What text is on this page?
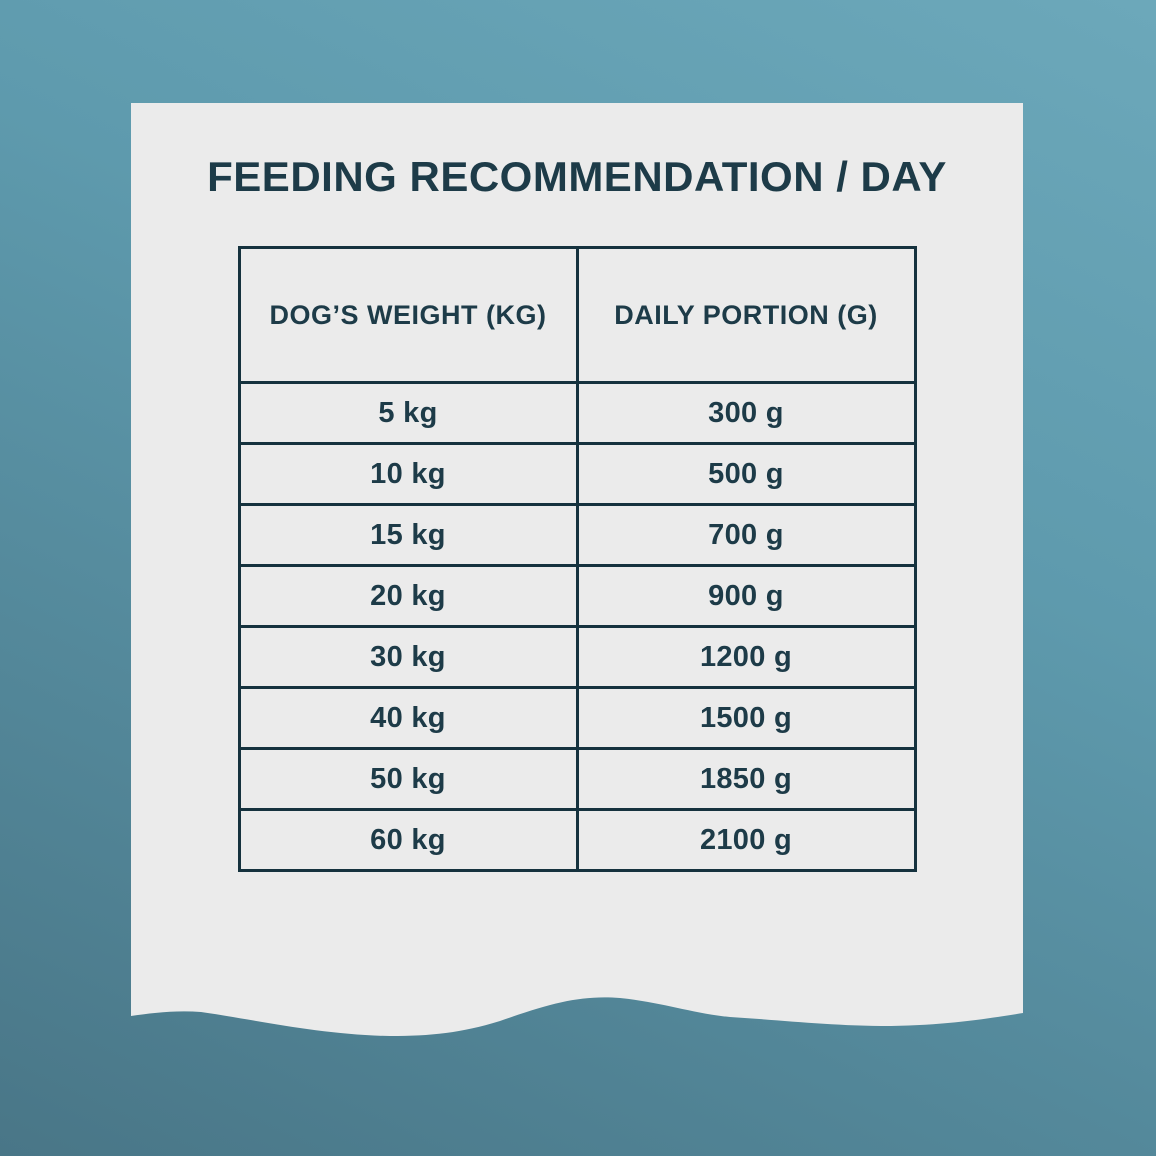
FEEDING RECOMMENDATION / DAY
DOG’S WEIGHT (KG)	DAILY PORTION (G)
5 kg	300 g
10 kg	500 g
15 kg	700 g
20 kg	900 g
30 kg	1200 g
40 kg	1500 g
50 kg	1850 g
60 kg	2100 g
